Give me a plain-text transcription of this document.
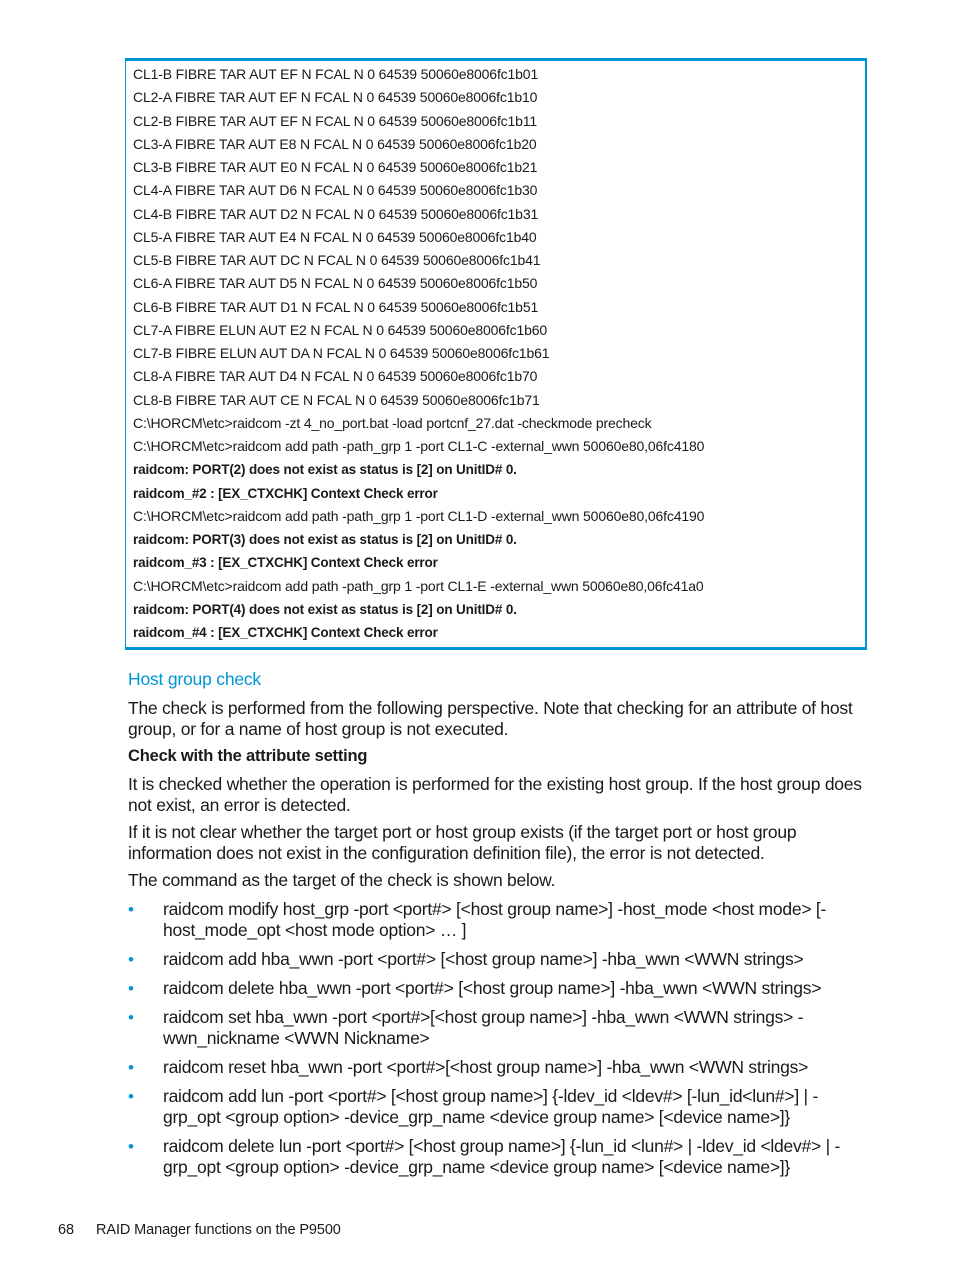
CL1-B FIBRE TAR AUT EF N FCAL N 0 64539 50060e8006fc1b01
CL2-A FIBRE TAR AUT EF N FCAL N 0 64539 50060e8006fc1b10
CL2-B FIBRE TAR AUT EF N FCAL N 0 64539 50060e8006fc1b11
CL3-A FIBRE TAR AUT E8 N FCAL N 0 64539 50060e8006fc1b20
CL3-B FIBRE TAR AUT E0 N FCAL N 0 64539 50060e8006fc1b21
CL4-A FIBRE TAR AUT D6 N FCAL N 0 64539 50060e8006fc1b30
CL4-B FIBRE TAR AUT D2 N FCAL N 0 64539 50060e8006fc1b31
CL5-A FIBRE TAR AUT E4 N FCAL N 0 64539 50060e8006fc1b40
CL5-B FIBRE TAR AUT DC N FCAL N 0 64539 50060e8006fc1b41
CL6-A FIBRE TAR AUT D5 N FCAL N 0 64539 50060e8006fc1b50
CL6-B FIBRE TAR AUT D1 N FCAL N 0 64539 50060e8006fc1b51
CL7-A FIBRE ELUN AUT E2 N FCAL N 0 64539 50060e8006fc1b60
CL7-B FIBRE ELUN AUT DA N FCAL N 0 64539 50060e8006fc1b61
CL8-A FIBRE TAR AUT D4 N FCAL N 0 64539 50060e8006fc1b70
CL8-B FIBRE TAR AUT CE N FCAL N 0 64539 50060e8006fc1b71
C:\HORCM\etc>raidcom -zt 4_no_port.bat -load portcnf_27.dat -checkmode precheck
C:\HORCM\etc>raidcom add path -path_grp 1 -port CL1-C -external_wwn 50060e80,06fc4180
raidcom: PORT(2) does not exist as status is [2] on UnitID# 0.
raidcom_#2 : [EX_CTXCHK] Context Check error
C:\HORCM\etc>raidcom add path -path_grp 1 -port CL1-D -external_wwn 50060e80,06fc4190
raidcom: PORT(3) does not exist as status is [2] on UnitID# 0.
raidcom_#3 : [EX_CTXCHK] Context Check error
C:\HORCM\etc>raidcom add path -path_grp 1 -port CL1-E -external_wwn 50060e80,06fc41a0
raidcom: PORT(4) does not exist as status is [2] on UnitID# 0.
raidcom_#4 : [EX_CTXCHK] Context Check error
Host group check

The check is performed from the following perspective. Note that checking for an attribute of host group, or for a name of host group is not executed.

Check with the attribute setting

It is checked whether the operation is performed for the existing host group. If the host group does not exist, an error is detected.

If it is not clear whether the target port or host group exists (if the target port or host group information does not exist in the configuration definition file), the error is not detected.

The command as the target of the check is shown below.

• raidcom modify host_grp -port <port#> [<host group name>] -host_mode <host mode> [-host_mode_opt <host mode option> … ]
• raidcom add hba_wwn -port <port#> [<host group name>] -hba_wwn <WWN strings>
• raidcom delete hba_wwn -port <port#> [<host group name>] -hba_wwn <WWN strings>
• raidcom set hba_wwn -port <port#>[<host group name>] -hba_wwn <WWN strings> -wwn_nickname <WWN Nickname>
• raidcom reset hba_wwn -port <port#>[<host group name>] -hba_wwn <WWN strings>
• raidcom add lun -port <port#> [<host group name>] {-ldev_id <ldev#> [-lun_id<lun#>] | -grp_opt <group option> -device_grp_name <device group name> [<device name>]}
• raidcom delete lun -port <port#> [<host group name>] {-lun_id <lun#> | -ldev_id <ldev#> | -grp_opt <group option> -device_grp_name <device group name> [<device name>]}
68 RAID Manager functions on the P9500
